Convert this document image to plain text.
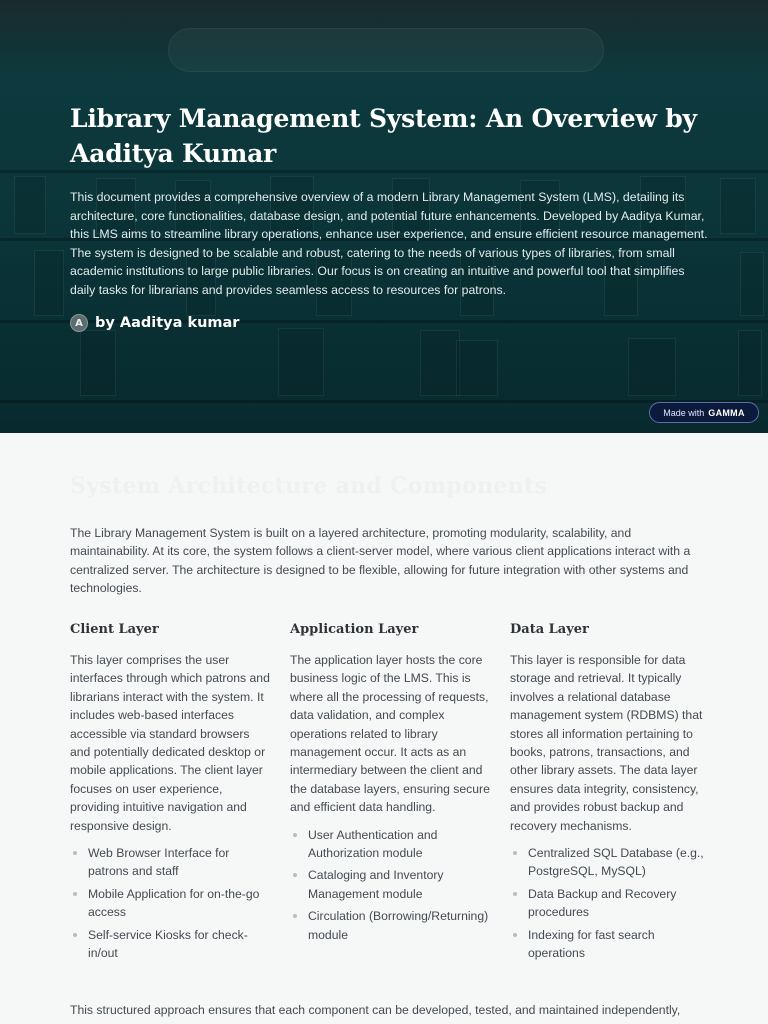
Library Management System: An Overview by Aaditya Kumar

This document provides a comprehensive overview of a modern Library Management System (LMS), detailing its architecture, core functionalities, database design, and potential future enhancements. Developed by Aaditya Kumar, this LMS aims to streamline library operations, enhance user experience, and ensure efficient resource management. The system is designed to be scalable and robust, catering to the needs of various types of libraries, from small academic institutions to large public libraries. Our focus is on creating an intuitive and powerful tool that simplifies daily tasks for librarians and provides seamless access to resources for patrons.

A by Aaditya kumar
Made with GAMMA
System Architecture and Components

The Library Management System is built on a layered architecture, promoting modularity, scalability, and maintainability. At its core, the system follows a client-server model, where various client applications interact with a centralized server. The architecture is designed to be flexible, allowing for future integration with other systems and technologies.

Client Layer

This layer comprises the user interfaces through which patrons and librarians interact with the system. It includes web-based interfaces accessible via standard browsers and potentially dedicated desktop or mobile applications. The client layer focuses on user experience, providing intuitive navigation and responsive design.

Web Browser Interface for patrons and staff
Mobile Application for on-the-go access
Self-service Kiosks for check-in/out
Application Layer

The application layer hosts the core business logic of the LMS. This is where all the processing of requests, data validation, and complex operations related to library management occur. It acts as an intermediary between the client and the database layers, ensuring secure and efficient data handling.

User Authentication and Authorization module
Cataloging and Inventory Management module
Circulation (Borrowing/Returning) module
Data Layer

This layer is responsible for data storage and retrieval. It typically involves a relational database management system (RDBMS) that stores all information pertaining to books, patrons, transactions, and other library assets. The data layer ensures data integrity, consistency, and provides robust backup and recovery mechanisms.

Centralized SQL Database (e.g., PostgreSQL, MySQL)
Data Backup and Recovery procedures
Indexing for fast search operations

This structured approach ensures that each component can be developed, tested, and maintained independently,
